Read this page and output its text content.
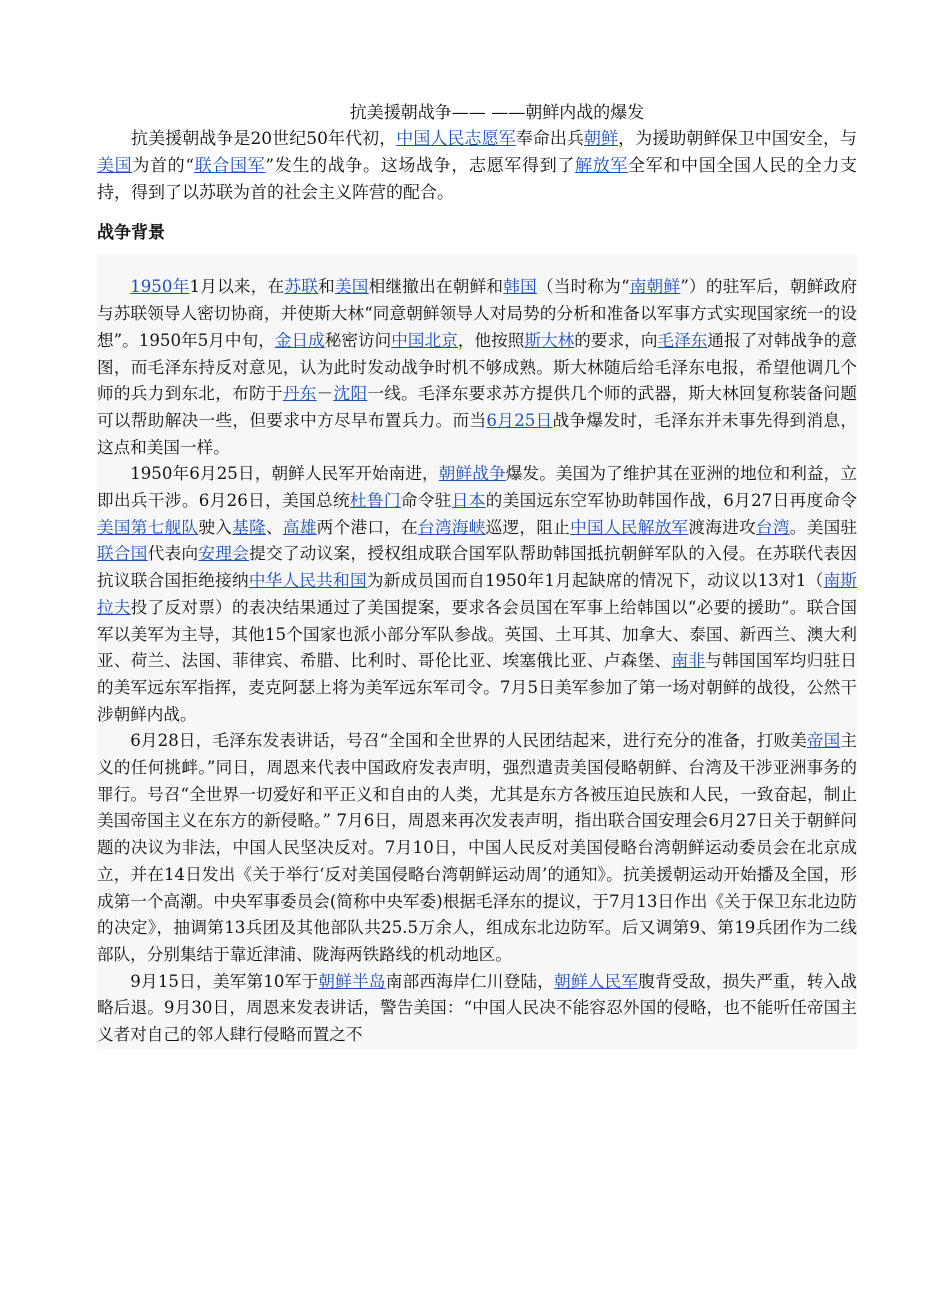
抗美援朝战争—— ——朝鲜内战的爆发

抗美援朝战争是20世纪50年代初，中国人民志愿军奉命出兵朝鲜，为援助朝鲜保卫中国安全，与美国为首的“联合国军”发生的战争。这场战争，志愿军得到了解放军全军和中国全国人民的全力支持，得到了以苏联为首的社会主义阵营的配合。

战争背景

1950年1月以来，在苏联和美国相继撤出在朝鲜和韩国（当时称为“南朝鲜”）的驻军后，朝鲜政府与苏联领导人密切协商，并使斯大林“同意朝鲜领导人对局势的分析和准备以军事方式实现国家统一的设想”。1950年5月中旬，金日成秘密访问中国北京，他按照斯大林的要求，向毛泽东通报了对韩战争的意图，而毛泽东持反对意见，认为此时发动战争时机不够成熟。斯大林随后给毛泽东电报，希望他调几个师的兵力到东北，布防于丹东－沈阳一线。毛泽东要求苏方提供几个师的武器，斯大林回复称装备问题可以帮助解决一些，但要求中方尽早布置兵力。而当6月25日战争爆发时，毛泽东并未事先得到消息，这点和美国一样。

1950年6月25日，朝鲜人民军开始南进，朝鲜战争爆发。美国为了维护其在亚洲的地位和利益，立即出兵干涉。6月26日，美国总统杜鲁门命令驻日本的美国远东空军协助韩国作战，6月27日再度命令美国第七舰队驶入基隆、高雄两个港口，在台湾海峡巡逻，阻止中国人民解放军渡海进攻台湾。美国驻联合国代表向安理会提交了动议案，授权组成联合国军队帮助韩国抵抗朝鲜军队的入侵。在苏联代表因抗议联合国拒绝接纳中华人民共和国为新成员国而自1950年1月起缺席的情况下，动议以13对1（南斯拉夫投了反对票）的表决结果通过了美国提案，要求各会员国在军事上给韩国以“必要的援助”。联合国军以美军为主导，其他15个国家也派小部分军队参战。英国、土耳其、加拿大、泰国、新西兰、澳大利亚、荷兰、法国、菲律宾、希腊、比利时、哥伦比亚、埃塞俄比亚、卢森堡、南非与韩国国军均归驻日的美军远东军指挥，麦克阿瑟上将为美军远东军司令。7月5日美军参加了第一场对朝鲜的战役，公然干涉朝鲜内战。

6月28日，毛泽东发表讲话，号召“全国和全世界的人民团结起来，进行充分的准备，打败美帝国主义的任何挑衅。”同日，周恩来代表中国政府发表声明，强烈遣责美国侵略朝鲜、台湾及干涉亚洲事务的罪行。号召“全世界一切爱好和平正义和自由的人类，尤其是东方各被压迫民族和人民，一致奋起，制止美国帝国主义在东方的新侵略。” 7月6日，周恩来再次发表声明，指出联合国安理会6月27日关于朝鲜问题的决议为非法，中国人民坚决反对。7月10日，中国人民反对美国侵略台湾朝鲜运动委员会在北京成立，并在14日发出《关于举行‘反对美国侵略台湾朝鲜运动周’的通知》。抗美援朝运动开始播及全国，形成第一个高潮。中央军事委员会(简称中央军委)根据毛泽东的提议，于7月13日作出《关于保卫东北边防的决定》，抽调第13兵团及其他部队共25.5万余人，组成东北边防军。后又调第9、第19兵团作为二线部队，分别集结于靠近津浦、陇海两铁路线的机动地区。

9月15日，美军第10军于朝鲜半岛南部西海岸仁川登陆，朝鲜人民军腹背受敌，损失严重，转入战略后退。9月30日，周恩来发表讲话，警告美国：“中国人民决不能容忍外国的侵略，也不能听任帝国主义者对自己的邻人肆行侵略而置之不
